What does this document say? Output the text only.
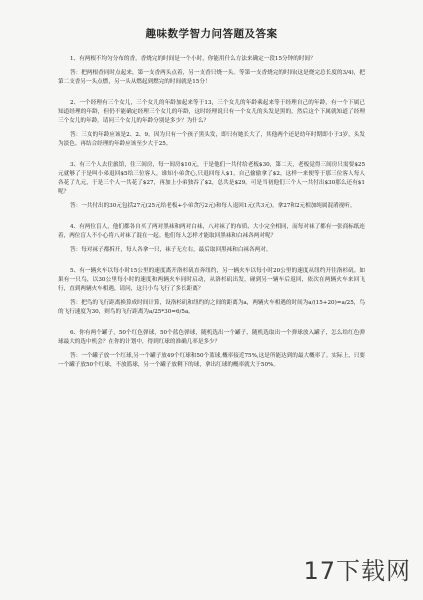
趣味数学智力问答题及答案

1、有两根不均匀分布的香，香烧完的时间是一个小时，你能用什么方法来确定一段15分钟的时间？

答：把两根香同时点起来，第一支香两头点着，另一支香只烧一头。等第一支香烧完的时间(这是烧完总长度的3/4)，把第二支香另一头点燃，另一头从燃起到燃完的时间就是15分！

2、一个经理有三个女儿，三个女儿的年龄加起来等于13，三个女儿的年龄乘起来等于经理自己的年龄，有一个下属已知道经理的年龄，但仍不能确定经理三个女儿的年龄，这时经理说只有一个女儿的头发是黑的，然后这个下属就知道了经理三个女儿的年龄。请问三个女儿的年龄分别是多少？为什么？

答：三女的年龄应该是2、2、9。因为只有一个孩子黑头发，即只有她长大了，其他两个还是幼年时期即小于3岁，头发为淡色。再结合经理的年龄应该至少大于25。

3、有三个人去住旅馆，住三间房，每一间房$10元，于是他们一共付给老板$30，第二天，老板觉得三间房只需要$25元就够了于是叫小弟退回$5给三位客人，谁知小弟贪心,只退回每人$1，自己偷偷拿了$2，这样一来便等于那三位客人每人各花了九元，于是三个人一共花了$27，再加上小弟独吞了$2，总共是$29。可是当初他们三个人一共付出$30那么还有$1呢？

答：一共付出的30元包括27元(25元给老板+小弟贪污2元)和每人退回1元(共3元)，拿27和2元相加纯属混淆视听。

4、有两位盲人，他们都各自买了两对黑袜和两对白袜，八对袜了的布质、大小完全相同，而每对袜了都有一张商标纸连着，两位盲人不小心将八对袜了混在一起。他们每人怎样才能取回黑袜和白袜各两对呢？

答：每对袜子都拆开，每人各拿一只，袜子无左右，最后取回黑袜和白袜各两对。

5、有一辆火车以每小时15公里的速度离开洛杉矶直奔纽约，另一辆火车以每小时20公里的速度从纽约开往洛杉矶。如果有一只鸟，以30公里每小时的速度和两辆火车同时启动，从洛杉矶出发，碰到另一辆车后返回，依次在两辆火车来回飞行，直到两辆火车相遇，请问，这只小鸟飞行了多长距离？

答：把鸟的飞行距离换算成时间计算，设洛杉矶和纽约的之间的距离为a，两辆火车相遇的时间为a/(15+20)=a/25，鸟的飞行速度为30，则鸟的飞行距离为a/25*30=6/5a。

6、你有两个罐子，50个红色弹球，50个蓝色弹球，随机选出一个罐子，随机选取出一个弹球放入罐子，怎么给红色弹球最大的选中机会？在你的计划中，得到红球的准确几率是多少？

答：一个罐子放一个红球,另一个罐子放49个红球和50个蓝球,概率接近75%,这是所能达到的最大概率了。实际上，只要一个罐子放50个红球，不放篮球，另一个罐子放剩下的球，拿出红球的概率就大于50%。

17下载网
